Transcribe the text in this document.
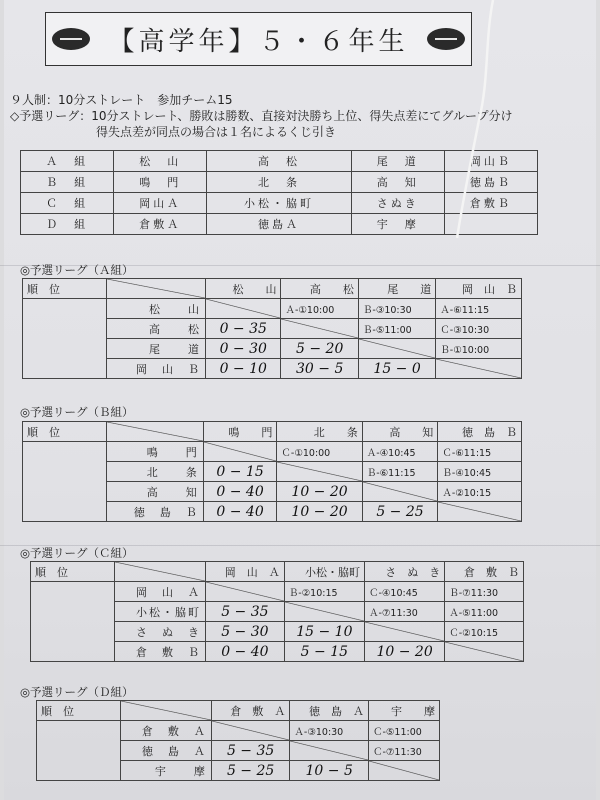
【高学年】５・６年生
９人制：10分ストレート　参加チーム15
◇予選リーグ：10分ストレート、勝敗は勝数、直接対決勝ち上位、得失点差にてグループ分け
得失点差が同点の場合は１名によるくじ引き
Ａ　組	松　山	高　松	尾　道	岡山Ｂ
Ｂ　組	鳴　門	北　条	高　知	徳島Ｂ
Ｃ　組	岡山Ａ	小松・脇町	さぬき	倉敷Ｂ
Ｄ　組	倉敷Ａ	徳島Ａ	宇　摩	
◎予選リーグ（Ａ組）
順　位		松　　山	高　　松	尾　　道	岡　山　Ｂ
	松　　山		Ａ-①10:00	Ｂ-③10:30	Ａ-⑥11:15
	高　　松	0 − 35		Ｂ-⑤11:00	Ｃ-③10:30
	尾　　道	0 − 30	5 − 20		Ｂ-①10:00
	岡　山　Ｂ	0 − 10	30 − 5	15 − 0	
◎予選リーグ（Ｂ組）
順　位		鳴　　門	北　　条	高　　知	徳　島　Ｂ
	鳴　　門		Ｃ-①10:00	Ａ-④10:45	Ｃ-⑥11:15
	北　　条	0 − 15		Ｂ-⑥11:15	Ｂ-④10:45
	高　　知	0 − 40	10 − 20		Ａ-②10:15
	徳　島　Ｂ	0 − 40	10 − 20	5 − 25	
◎予選リーグ（Ｃ組）
順　位		岡　山　Ａ	小松・脇町	さ　ぬ　き	倉　敷　Ｂ
	岡　山　Ａ		Ｂ-②10:15	Ｃ-④10:45	Ｂ-⑦11:30
	小松・脇町	5 − 35		Ａ-⑦11:30	Ａ-⑤11:00
	さ　ぬ　き	5 − 30	15 − 10		Ｃ-②10:15
	倉　敷　Ｂ	0 − 40	5 − 15	10 − 20	
◎予選リーグ（Ｄ組）
順　位		倉　敷　Ａ	徳　島　Ａ	宇　　摩
	倉　敷　Ａ		Ａ-③10:30	Ｃ-⑤11:00
	徳　島　Ａ	5 − 35		Ｃ-⑦11:30
	宇　　摩	5 − 25	10 − 5	
